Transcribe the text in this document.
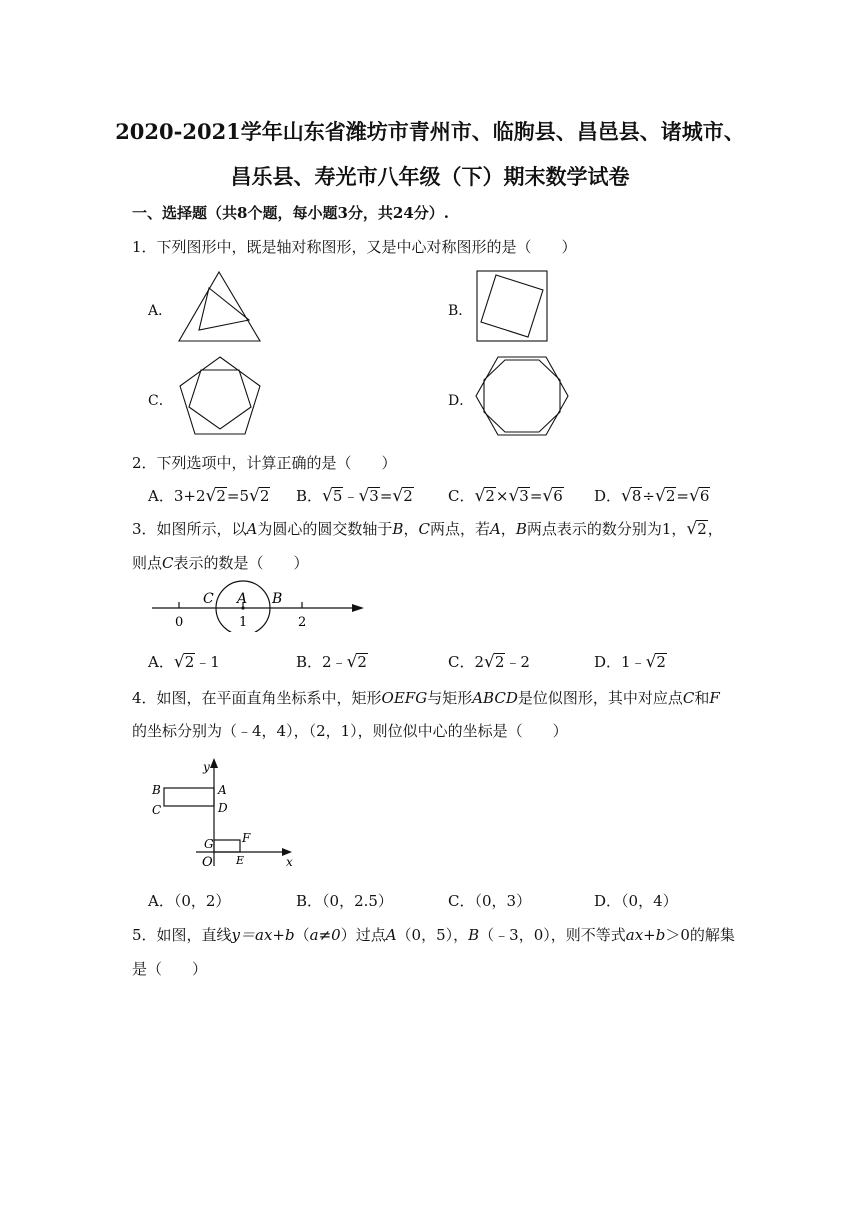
2020-2021学年山东省潍坊市青州市、临朐县、昌邑县、诸城市、
昌乐县、寿光市八年级（下）期末数学试卷
一、选择题（共8个题，每小题3分，共24分）.
1．下列图形中，既是轴对称图形，又是中心对称图形的是（　　）
A．	B．
C．	D．
2．下列选项中，计算正确的是（　　）
A．3+2√2=5√2 B．√5﹣√3=√2 C．√2×√3=√6 D．√8÷√2=√6
3．如图所示，以A为圆心的圆交数轴于B，C两点，若A，B两点表示的数分别为1，√2，
则点C表示的数是（　　）
C A B
0	1	2
A．√2﹣1	B．2﹣√2	C．2√2﹣2	D．1﹣√2
4．如图，在平面直角坐标系中，矩形OEFG与矩形ABCD是位似图形，其中对应点C和F
的坐标分别为（﹣4，4），（2，1），则位似中心的坐标是（　　）
y
x
B	A
C	D
G F
O E
A．（0，2）	B．（0，2.5）	C．（0，3）	D．（0，4）
5．如图，直线y＝ax+b（a≠0）过点A（0，5），B（﹣3，0），则不等式ax+b＞0的解集
是（　　）
